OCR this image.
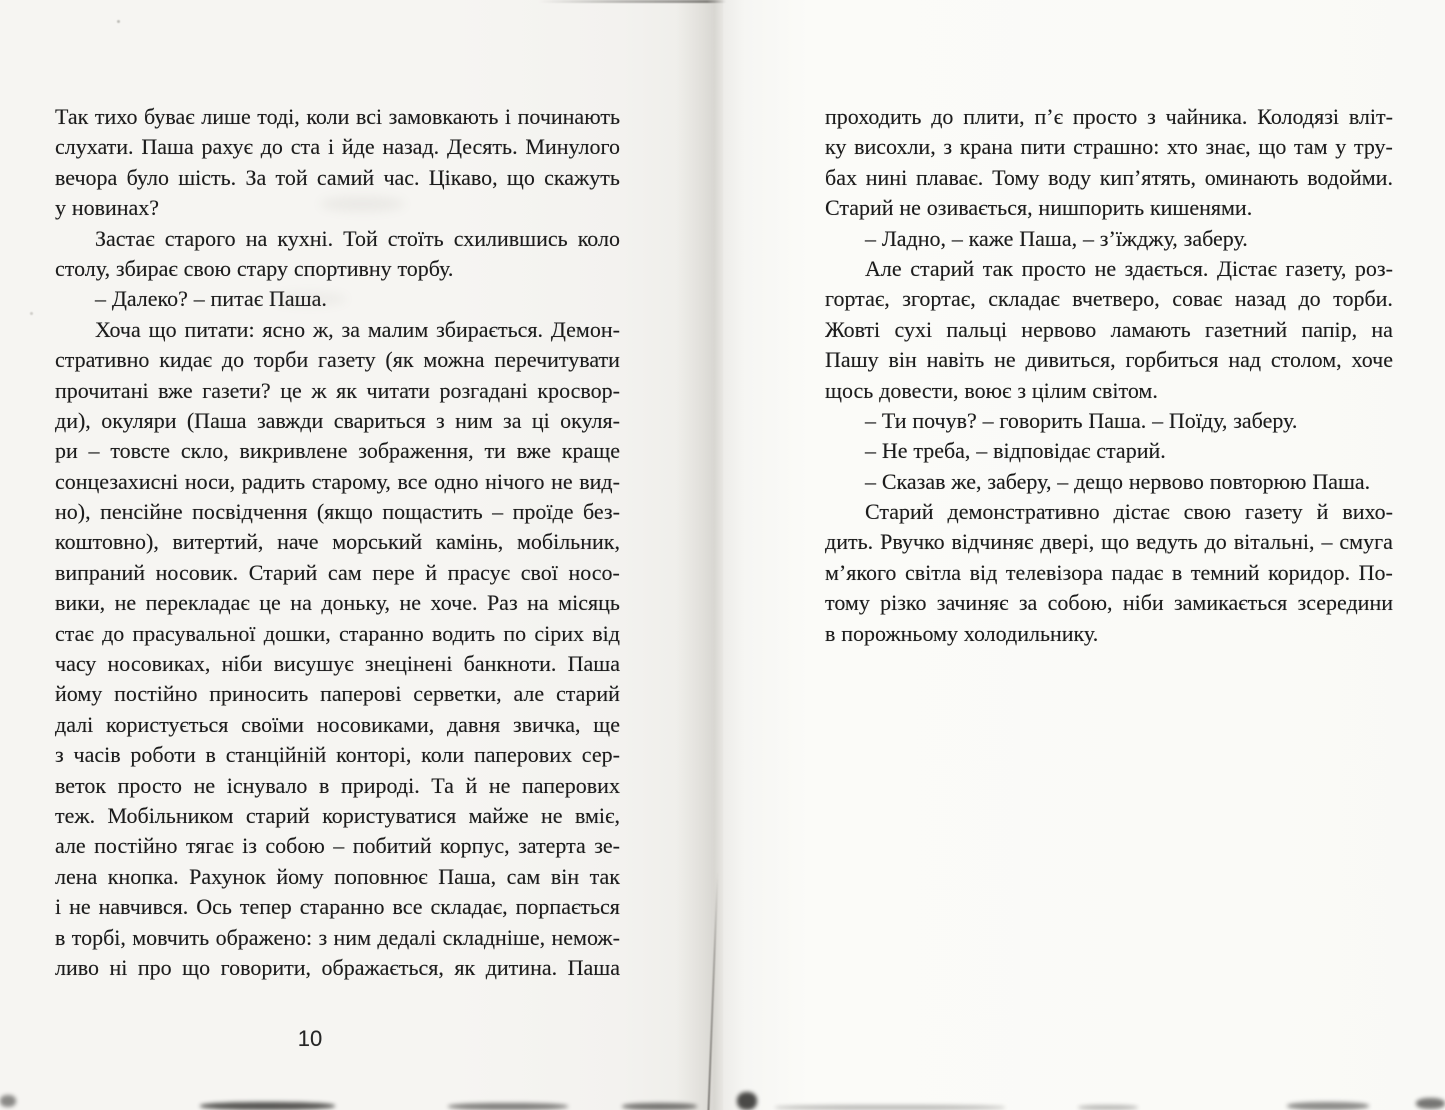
Так тихо буває лише тоді, коли всі замовкають і починають
слухати. Паша рахує до ста і йде назад. Десять. Минулого
вечора було шість. За той самий час. Цікаво, що скажуть
у новинах?
Застає старого на кухні. Той стоїть схилившись коло
столу, збирає свою стару спортивну торбу.
– Далеко? – питає Паша.
Хоча що питати: ясно ж, за малим збирається. Демон-
стративно кидає до торби газету (як можна перечитувати
прочитані вже газети? це ж як читати розгадані кросвор-
ди), окуляри (Паша завжди свариться з ним за ці окуля-
ри – товсте скло, викривлене зображення, ти вже краще
сонцезахисні носи, радить старому, все одно нічого не вид-
но), пенсійне посвідчення (якщо пощастить – проїде без-
коштовно), витертий, наче морський камінь, мобільник,
випраний носовик. Старий сам пере й прасує свої носо-
вики, не перекладає це на доньку, не хоче. Раз на місяць
стає до прасувальної дошки, старанно водить по сірих від
часу носовиках, ніби висушує знецінені банкноти. Паша
йому постійно приносить паперові серветки, але старий
далі користується своїми носовиками, давня звичка, ще
з часів роботи в станційній конторі, коли паперових сер-
веток просто не існувало в природі. Та й не паперових
теж. Мобільником старий користуватися майже не вміє,
але постійно тягає із собою – побитий корпус, затерта зе-
лена кнопка. Рахунок йому поповнює Паша, сам він так
і не навчився. Ось тепер старанно все складає, порпається
в торбі, мовчить ображено: з ним дедалі складніше, немож-
ливо ні про що говорити, ображається, як дитина. Паша
10
проходить до плити, п’є просто з чайника. Колодязі вліт-
ку висохли, з крана пити страшно: хто знає, що там у тру-
бах нині плаває. Тому воду кип’ятять, оминають водойми.
Старий не озивається, нишпорить кишенями.
– Ладно, – каже Паша, – з’їжджу, заберу.
Але старий так просто не здається. Дістає газету, роз-
гортає, згортає, складає вчетверо, соває назад до торби.
Жовті сухі пальці нервово ламають газетний папір, на
Пашу він навіть не дивиться, горбиться над столом, хоче
щось довести, воює з цілим світом.
– Ти почув? – говорить Паша. – Поїду, заберу.
– Не треба, – відповідає старий.
– Сказав же, заберу, – дещо нервово повторюю Паша.
Старий демонстративно дістає свою газету й вихо-
дить. Рвучко відчиняє двері, що ведуть до вітальні, – смуга
м’якого світла від телевізора падає в темний коридор. По-
тому різко зачиняє за собою, ніби замикається зсередини
в порожньому холодильнику.
